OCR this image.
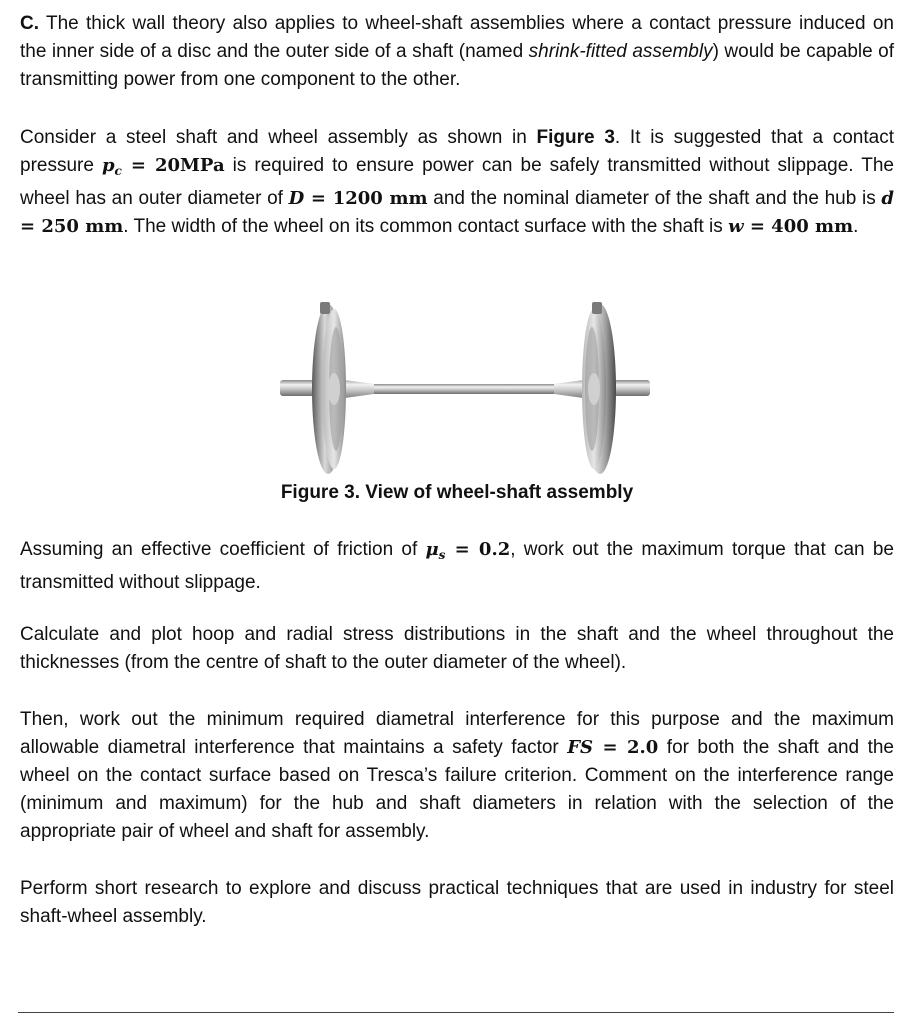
C. The thick wall theory also applies to wheel-shaft assemblies where a contact pressure induced on the inner side of a disc and the outer side of a shaft (named shrink-fitted assembly) would be capable of transmitting power from one component to the other.

Consider a steel shaft and wheel assembly as shown in Figure 3. It is suggested that a contact pressure $p_c = 20MPa$ is required to ensure power can be safely transmitted without slippage. The wheel has an outer diameter of D = 1200 mm and the nominal diameter of the shaft and the hub is d = 250 mm. The width of the wheel on its common contact surface with the shaft is w = 400 mm.

Figure 3. View of wheel-shaft assembly

Assuming an effective coefficient of friction of $\mu_s = 0.2$, work out the maximum torque that can be transmitted without slippage.

Calculate and plot hoop and radial stress distributions in the shaft and the wheel throughout the thicknesses (from the centre of shaft to the outer diameter of the wheel).

Then, work out the minimum required diametral interference for this purpose and the maximum allowable diametral interference that maintains a safety factor FS = 2.0 for both the shaft and the wheel on the contact surface based on Tresca’s failure criterion. Comment on the interference range (minimum and maximum) for the hub and shaft diameters in relation with the selection of the appropriate pair of wheel and shaft for assembly.

Perform short research to explore and discuss practical techniques that are used in industry for steel shaft-wheel assembly.
